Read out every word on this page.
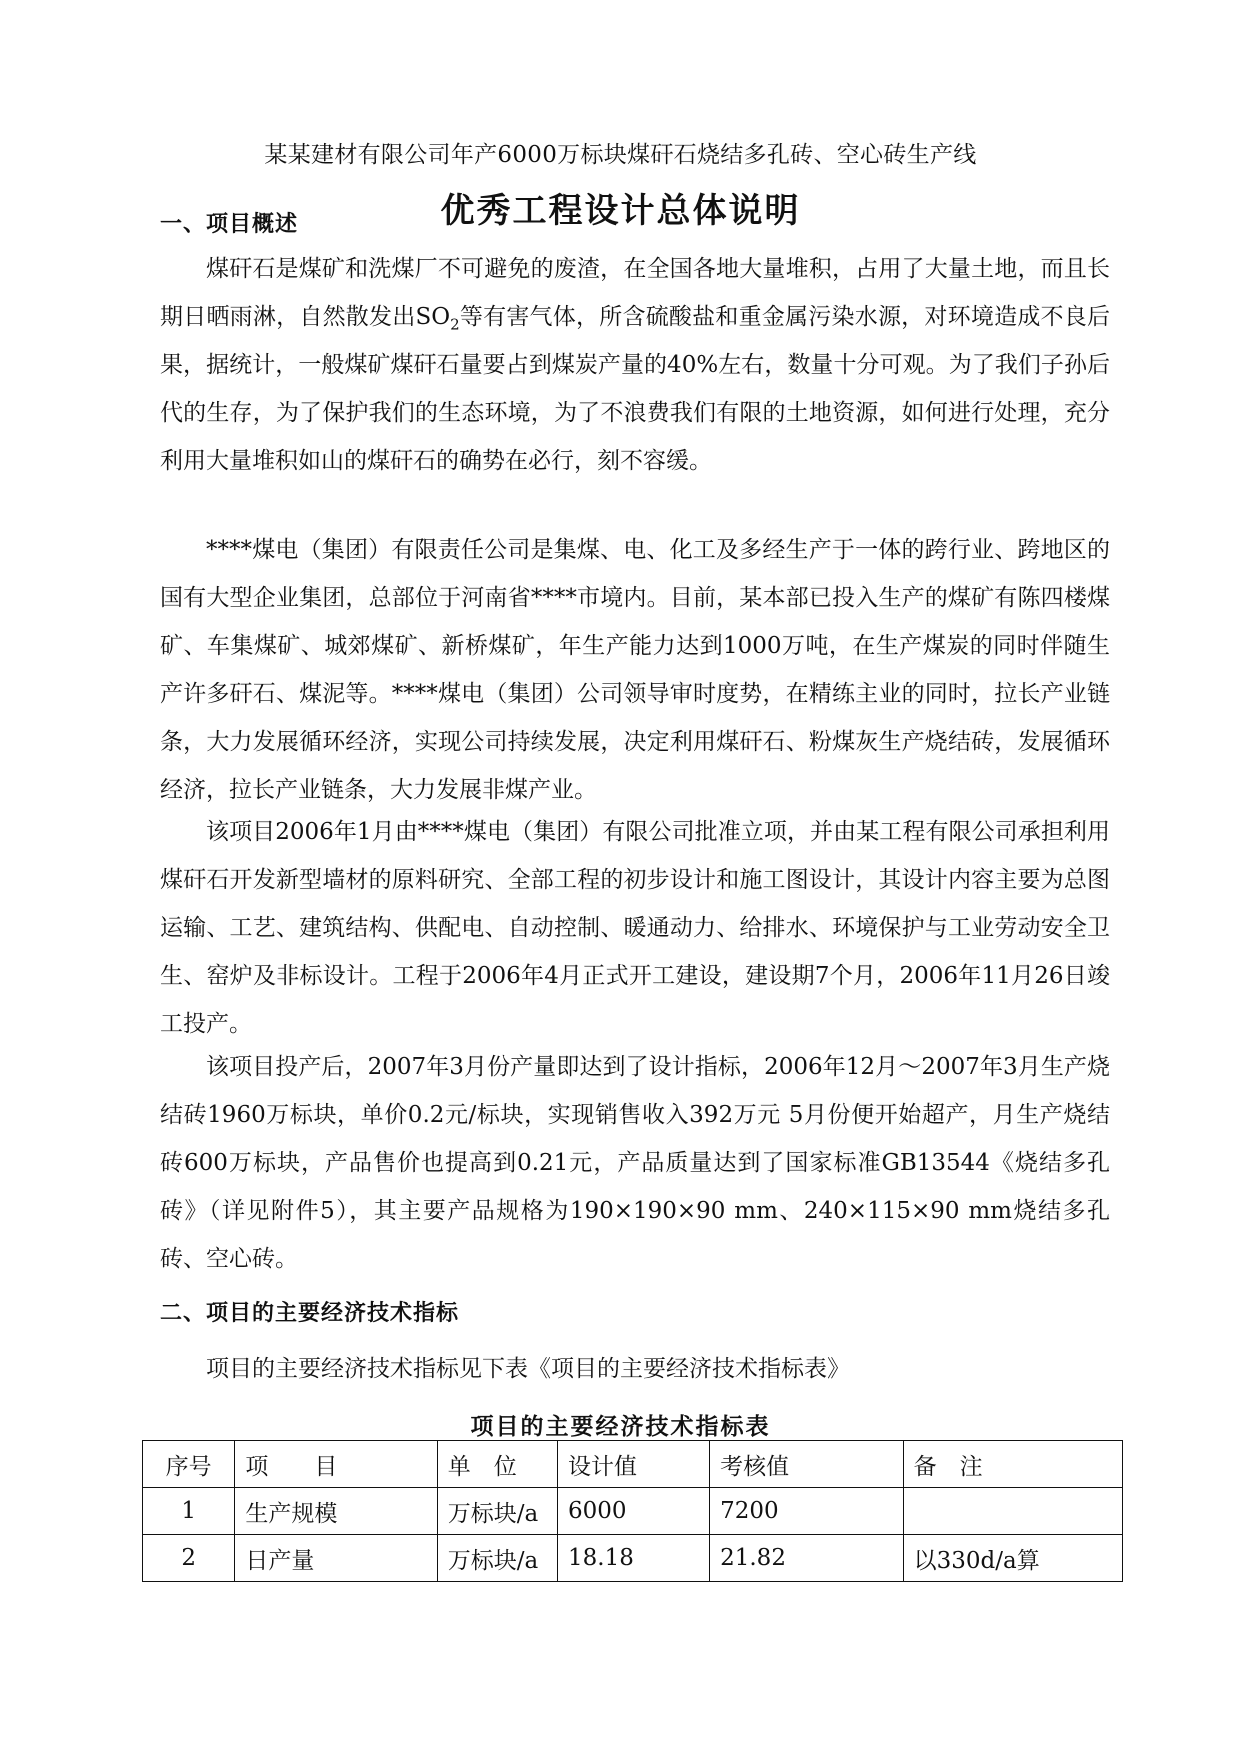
某某建材有限公司年产6000万标块煤矸石烧结多孔砖、空心砖生产线
优秀工程设计总体说明
一、项目概述
煤矸石是煤矿和洗煤厂不可避免的废渣，在全国各地大量堆积，占用了大量土地，而且长期日晒雨淋，自然散发出$SO_2$等有害气体，所含硫酸盐和重金属污染水源，对环境造成不良后果，据统计，一般煤矿煤矸石量要占到煤炭产量的40%左右，数量十分可观。为了我们子孙后代的生存，为了保护我们的生态环境，为了不浪费我们有限的土地资源，如何进行处理，充分利用大量堆积如山的煤矸石的确势在必行，刻不容缓。
****煤电（集团）有限责任公司是集煤、电、化工及多经生产于一体的跨行业、跨地区的国有大型企业集团，总部位于河南省****市境内。目前，某本部已投入生产的煤矿有陈四楼煤矿、车集煤矿、城郊煤矿、新桥煤矿，年生产能力达到1000万吨，在生产煤炭的同时伴随生产许多矸石、煤泥等。****煤电（集团）公司领导审时度势，在精练主业的同时，拉长产业链条，大力发展循环经济，实现公司持续发展，决定利用煤矸石、粉煤灰生产烧结砖，发展循环经济，拉长产业链条，大力发展非煤产业。
该项目2006年1月由****煤电（集团）有限公司批准立项，并由某工程有限公司承担利用煤矸石开发新型墙材的原料研究、全部工程的初步设计和施工图设计，其设计内容主要为总图运输、工艺、建筑结构、供配电、自动控制、暖通动力、给排水、环境保护与工业劳动安全卫生、窑炉及非标设计。工程于2006年4月正式开工建设，建设期7个月，2006年11月26日竣工投产。
该项目投产后，2007年3月份产量即达到了设计指标，2006年12月～2007年3月生产烧结砖1960万标块，单价0.2元/标块，实现销售收入392万元 5月份便开始超产，月生产烧结砖600万标块，产品售价也提高到0.21元，产品质量达到了国家标准GB13544《烧结多孔砖》（详见附件5），其主要产品规格为190×190×90 mm、240×115×90 mm烧结多孔砖、空心砖。
二、项目的主要经济技术指标
项目的主要经济技术指标见下表《项目的主要经济技术指标表》
项目的主要经济技术指标表
序号	项　　目	单　位	设计值	考核值	备　注
1	生产规模	万标块/a	6000	7200	
2	日产量	万标块/a	18.18	21.82	以330d/a算
